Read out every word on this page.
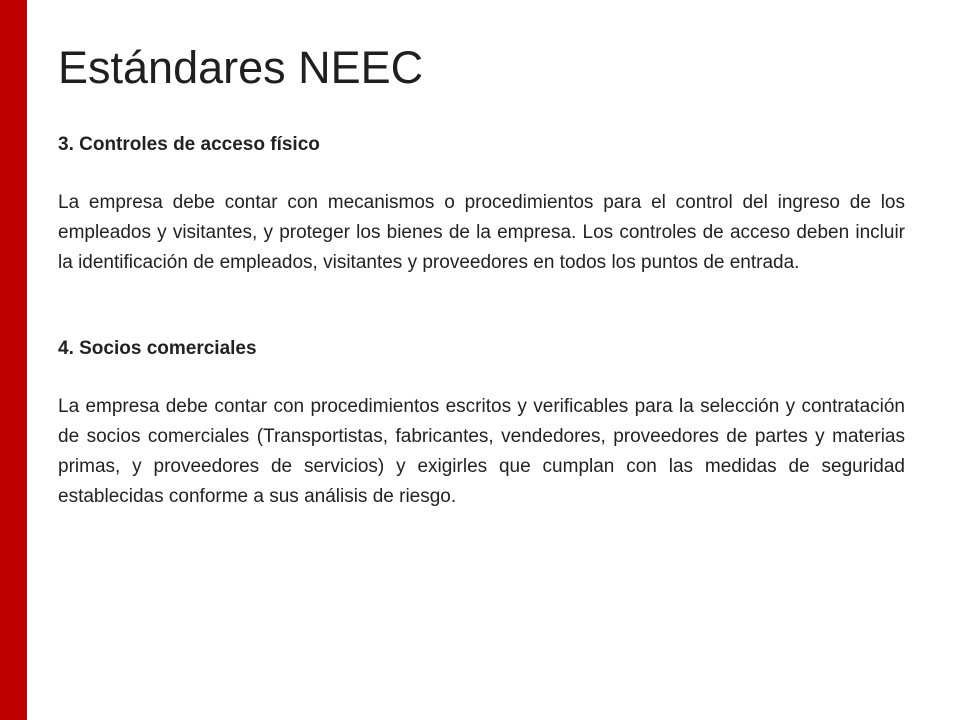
Estándares NEEC
3. Controles de acceso físico

La empresa debe contar con mecanismos o procedimientos para el control del ingreso de los empleados y visitantes, y proteger los bienes de la empresa. Los controles de acceso deben incluir la identificación de empleados, visitantes y proveedores en todos los puntos de entrada.

4. Socios comerciales

La empresa debe contar con procedimientos escritos y verificables para la selección y contratación de socios comerciales (Transportistas, fabricantes, vendedores, proveedores de partes y materias primas, y proveedores de servicios) y exigirles que cumplan con las medidas de seguridad establecidas conforme a sus análisis de riesgo.
